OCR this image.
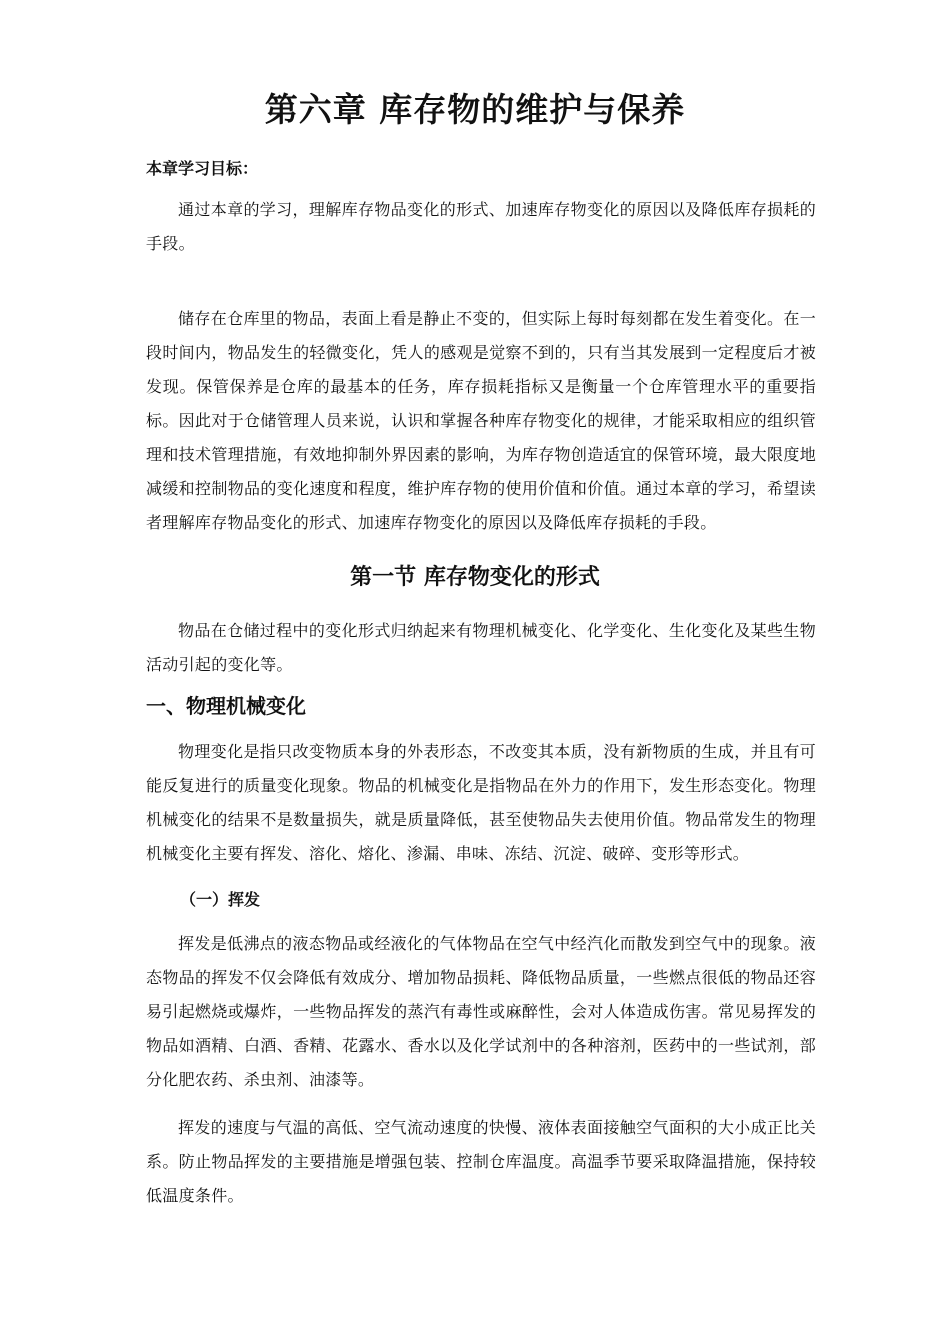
第六章 库存物的维护与保养
本章学习目标：
通过本章的学习，理解库存物品变化的形式、加速库存物变化的原因以及降低库存损耗的手段。
储存在仓库里的物品，表面上看是静止不变的，但实际上每时每刻都在发生着变化。在一段时间内，物品发生的轻微变化，凭人的感观是觉察不到的，只有当其发展到一定程度后才被发现。保管保养是仓库的最基本的任务，库存损耗指标又是衡量一个仓库管理水平的重要指标。因此对于仓储管理人员来说，认识和掌握各种库存物变化的规律，才能采取相应的组织管理和技术管理措施，有效地抑制外界因素的影响，为库存物创造适宜的保管环境，最大限度地减缓和控制物品的变化速度和程度，维护库存物的使用价值和价值。通过本章的学习，希望读者理解库存物品变化的形式、加速库存物变化的原因以及降低库存损耗的手段。
第一节 库存物变化的形式
物品在仓储过程中的变化形式归纳起来有物理机械变化、化学变化、生化变化及某些生物活动引起的变化等。
一、物理机械变化
物理变化是指只改变物质本身的外表形态，不改变其本质，没有新物质的生成，并且有可能反复进行的质量变化现象。物品的机械变化是指物品在外力的作用下，发生形态变化。物理机械变化的结果不是数量损失，就是质量降低，甚至使物品失去使用价值。物品常发生的物理机械变化主要有挥发、溶化、熔化、渗漏、串味、冻结、沉淀、破碎、变形等形式。
（一）挥发
挥发是低沸点的液态物品或经液化的气体物品在空气中经汽化而散发到空气中的现象。液态物品的挥发不仅会降低有效成分、增加物品损耗、降低物品质量，一些燃点很低的物品还容易引起燃烧或爆炸，一些物品挥发的蒸汽有毒性或麻醉性，会对人体造成伤害。常见易挥发的物品如酒精、白酒、香精、花露水、香水以及化学试剂中的各种溶剂，医药中的一些试剂，部分化肥农药、杀虫剂、油漆等。
挥发的速度与气温的高低、空气流动速度的快慢、液体表面接触空气面积的大小成正比关系。防止物品挥发的主要措施是增强包装、控制仓库温度。高温季节要采取降温措施，保持较低温度条件。
